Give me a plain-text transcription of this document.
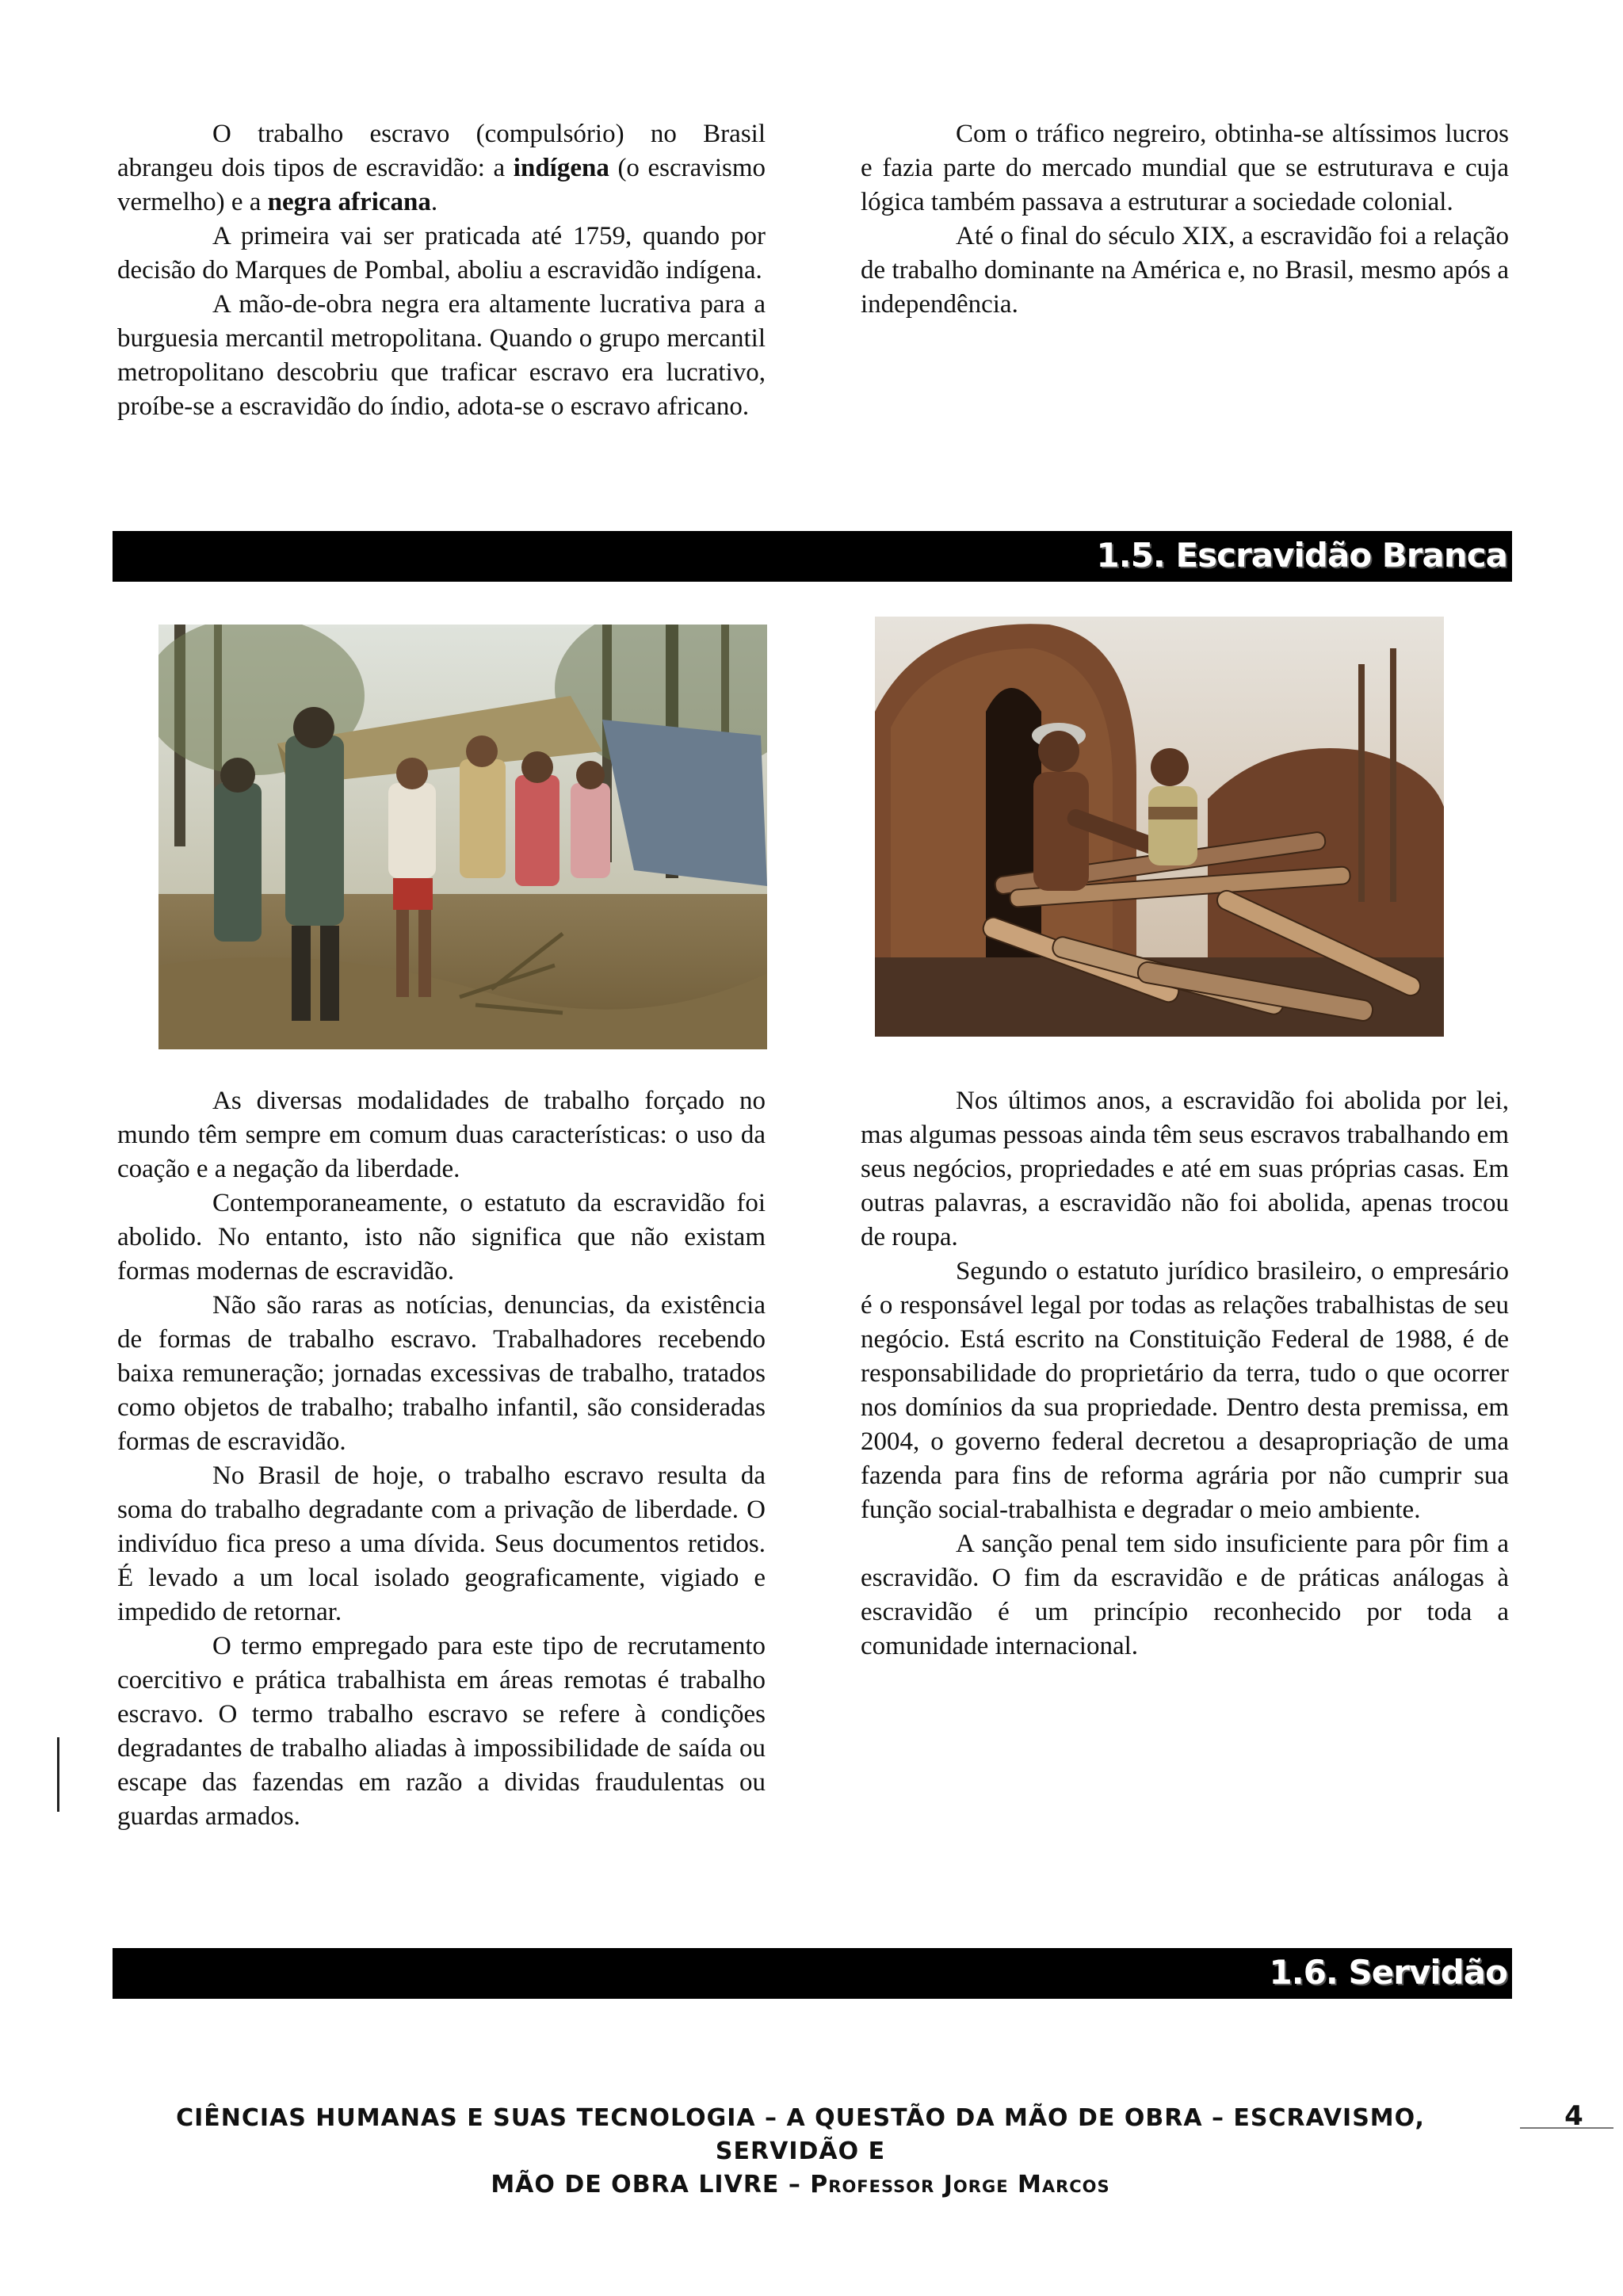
O trabalho escravo (compulsório) no Brasil abrangeu dois tipos de escravidão: a indígena (o escravismo vermelho) e a negra africana.

A primeira vai ser praticada até 1759, quando por decisão do Marques de Pombal, aboliu a escravidão indígena.

A mão-de-obra negra era altamente lucrativa para a burguesia mercantil metropolitana. Quando o grupo mercantil metropolitano descobriu que traficar escravo era lucrativo, proíbe-se a escravidão do índio, adota-se o escravo africano.

Com o tráfico negreiro, obtinha-se altíssimos lucros e fazia parte do mercado mundial que se estruturava e cuja lógica também passava a estruturar a sociedade colonial.

Até o final do século XIX, a escravidão foi a relação de trabalho dominante na América e, no Brasil, mesmo após a independência.

1.5. Escravidão Branca

As diversas modalidades de trabalho forçado no mundo têm sempre em comum duas características: o uso da coação e a negação da liberdade.

Contemporaneamente, o estatuto da escravidão foi abolido. No entanto, isto não significa que não existam formas modernas de escravidão.

Não são raras as notícias, denuncias, da existência de formas de trabalho escravo. Trabalhadores recebendo baixa remuneração; jornadas excessivas de trabalho, tratados como objetos de trabalho; trabalho infantil, são consideradas formas de escravidão.

No Brasil de hoje, o trabalho escravo resulta da soma do trabalho degradante com a privação de liberdade. O indivíduo fica preso a uma dívida. Seus documentos retidos. É levado a um local isolado geograficamente, vigiado e impedido de retornar.

O termo empregado para este tipo de recrutamento coercitivo e prática trabalhista em áreas remotas é trabalho escravo. O termo trabalho escravo se refere à condições degradantes de trabalho aliadas à impossibilidade de saída ou escape das fazendas em razão a dividas fraudulentas ou guardas armados.

Nos últimos anos, a escravidão foi abolida por lei, mas algumas pessoas ainda têm seus escravos trabalhando em seus negócios, propriedades e até em suas próprias casas. Em outras palavras, a escravidão não foi abolida, apenas trocou de roupa.

Segundo o estatuto jurídico brasileiro, o empresário é o responsável legal por todas as relações trabalhistas de seu negócio. Está escrito na Constituição Federal de 1988, é de responsabilidade do proprietário da terra, tudo o que ocorrer nos domínios da sua propriedade. Dentro desta premissa, em 2004, o governo federal decretou a desapropriação de uma fazenda para fins de reforma agrária por não cumprir sua função social-trabalhista e degradar o meio ambiente.

A sanção penal tem sido insuficiente para pôr fim a escravidão. O fim da escravidão e de práticas análogas à escravidão é um princípio reconhecido por toda a comunidade internacional.

1.6. Servidão
CIÊNCIAS HUMANAS E SUAS TECNOLOGIA – A QUESTÃO DA MÃO DE OBRA – ESCRAVISMO, SERVIDÃO E
MÃO DE OBRA LIVRE – Professor Jorge Marcos
4
